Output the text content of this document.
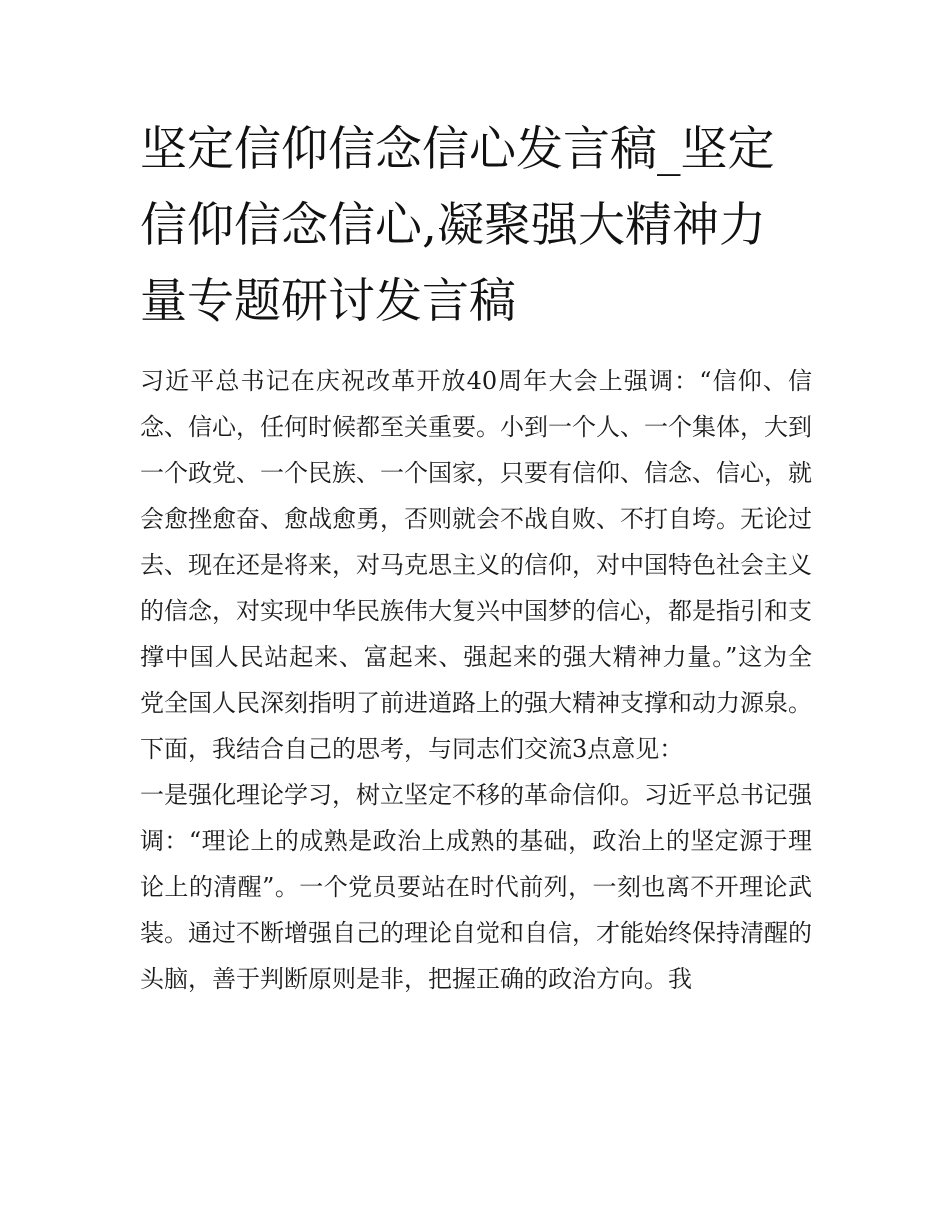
坚定信仰信念信心发言稿_坚定信仰信念信心,凝聚强大精神力量专题研讨发言稿

习近平总书记在庆祝改革开放40周年大会上强调：“信仰、信念、信心，任何时候都至关重要。小到一个人、一个集体，大到一个政党、一个民族、一个国家，只要有信仰、信念、信心，就会愈挫愈奋、愈战愈勇，否则就会不战自败、不打自垮。无论过去、现在还是将来，对马克思主义的信仰，对中国特色社会主义的信念，对实现中华民族伟大复兴中国梦的信心，都是指引和支撑中国人民站起来、富起来、强起来的强大精神力量。”这为全党全国人民深刻指明了前进道路上的强大精神支撑和动力源泉。

下面，我结合自己的思考，与同志们交流3点意见：

一是强化理论学习，树立坚定不移的革命信仰。习近平总书记强调：“理论上的成熟是政治上成熟的基础，政治上的坚定源于理论上的清醒”。一个党员要站在时代前列，一刻也离不开理论武装。通过不断增强自己的理论自觉和自信，才能始终保持清醒的头脑，善于判断原则是非，把握正确的政治方向。我
